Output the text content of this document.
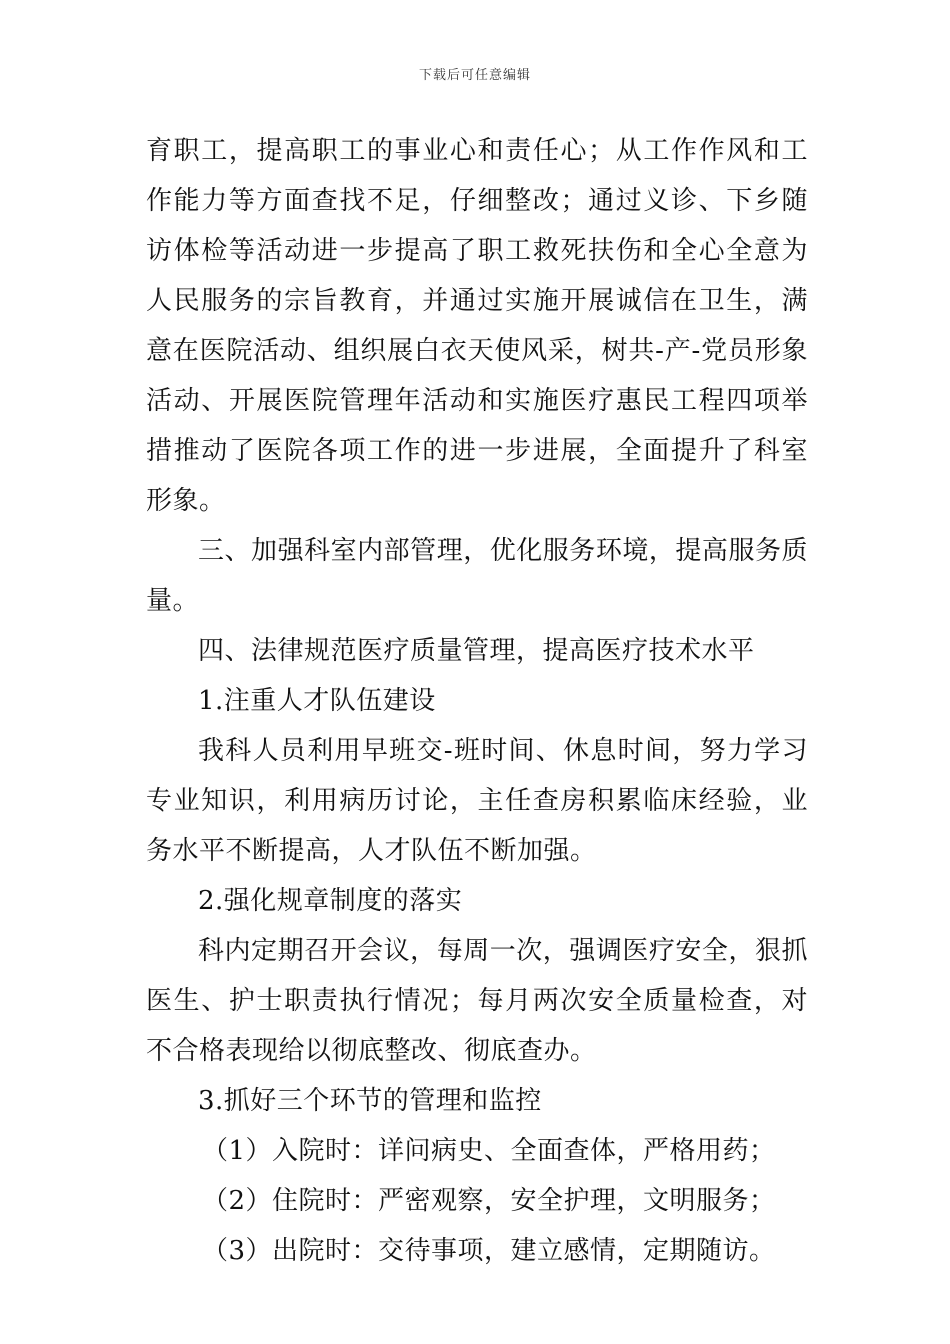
下载后可任意编辑

育职工，提高职工的事业心和责任心；从工作作风和工作能力等方面查找不足，仔细整改；通过义诊、下乡随访体检等活动进一步提高了职工救死扶伤和全心全意为人民服务的宗旨教育，并通过实施开展诚信在卫生，满意在医院活动、组织展白衣天使风采，树共-产-党员形象活动、开展医院管理年活动和实施医疗惠民工程四项举措推动了医院各项工作的进一步进展，全面提升了科室形象。

三、加强科室内部管理，优化服务环境，提高服务质量。

四、法律规范医疗质量管理，提高医疗技术水平

1.注重人才队伍建设

我科人员利用早班交-班时间、休息时间，努力学习专业知识，利用病历讨论，主任查房积累临床经验，业务水平不断提高，人才队伍不断加强。

2.强化规章制度的落实

科内定期召开会议，每周一次，强调医疗安全，狠抓医生、护士职责执行情况；每月两次安全质量检查，对不合格表现给以彻底整改、彻底查办。

3.抓好三个环节的管理和监控

（1）入院时：详问病史、全面查体，严格用药；

（2）住院时：严密观察，安全护理，文明服务；

（3）出院时：交待事项，建立感情，定期随访。
